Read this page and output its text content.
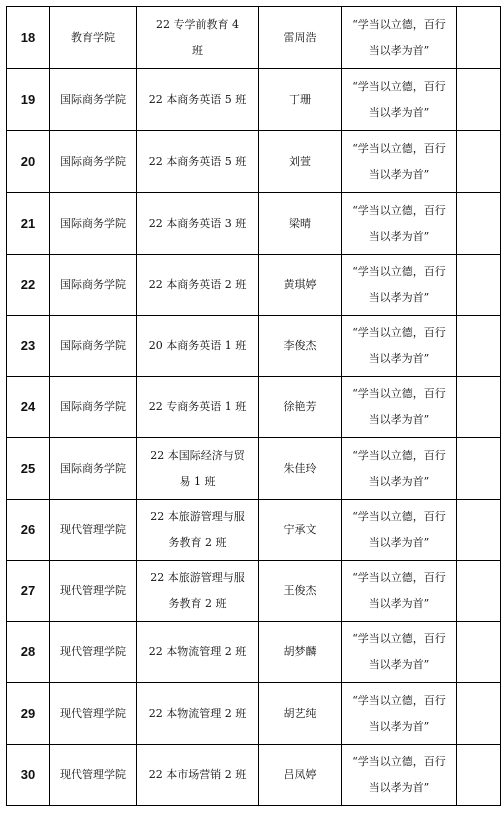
18	教育学院	22 专学前教育 4
班	雷周浩	“学当以立德，百行
当以孝为首”	

19	国际商务学院	22 本商务英语 5 班	丁珊	“学当以立德，百行
当以孝为首”	

20	国际商务学院	22 本商务英语 5 班	刘萱	“学当以立德，百行
当以孝为首”	

21	国际商务学院	22 本商务英语 3 班	梁晴	“学当以立德，百行
当以孝为首”	

22	国际商务学院	22 本商务英语 2 班	黄琪婷	“学当以立德，百行
当以孝为首”	

23	国际商务学院	20 本商务英语 1 班	李俊杰	“学当以立德，百行
当以孝为首”	

24	国际商务学院	22 专商务英语 1 班	徐艳芳	“学当以立德，百行
当以孝为首”	

25	国际商务学院	22 本国际经济与贸
易 1 班	朱佳玲	“学当以立德，百行
当以孝为首”	

26	现代管理学院	22 本旅游管理与服
务教育 2 班	宁承文	“学当以立德，百行
当以孝为首”	

27	现代管理学院	22 本旅游管理与服
务教育 2 班	王俊杰	“学当以立德，百行
当以孝为首”	

28	现代管理学院	22 本物流管理 2 班	胡梦麟	“学当以立德，百行
当以孝为首”	

29	现代管理学院	22 本物流管理 2 班	胡艺纯	“学当以立德，百行
当以孝为首”	

30	现代管理学院	22 本市场营销 2 班	吕凤婷	“学当以立德，百行
当以孝为首”	
